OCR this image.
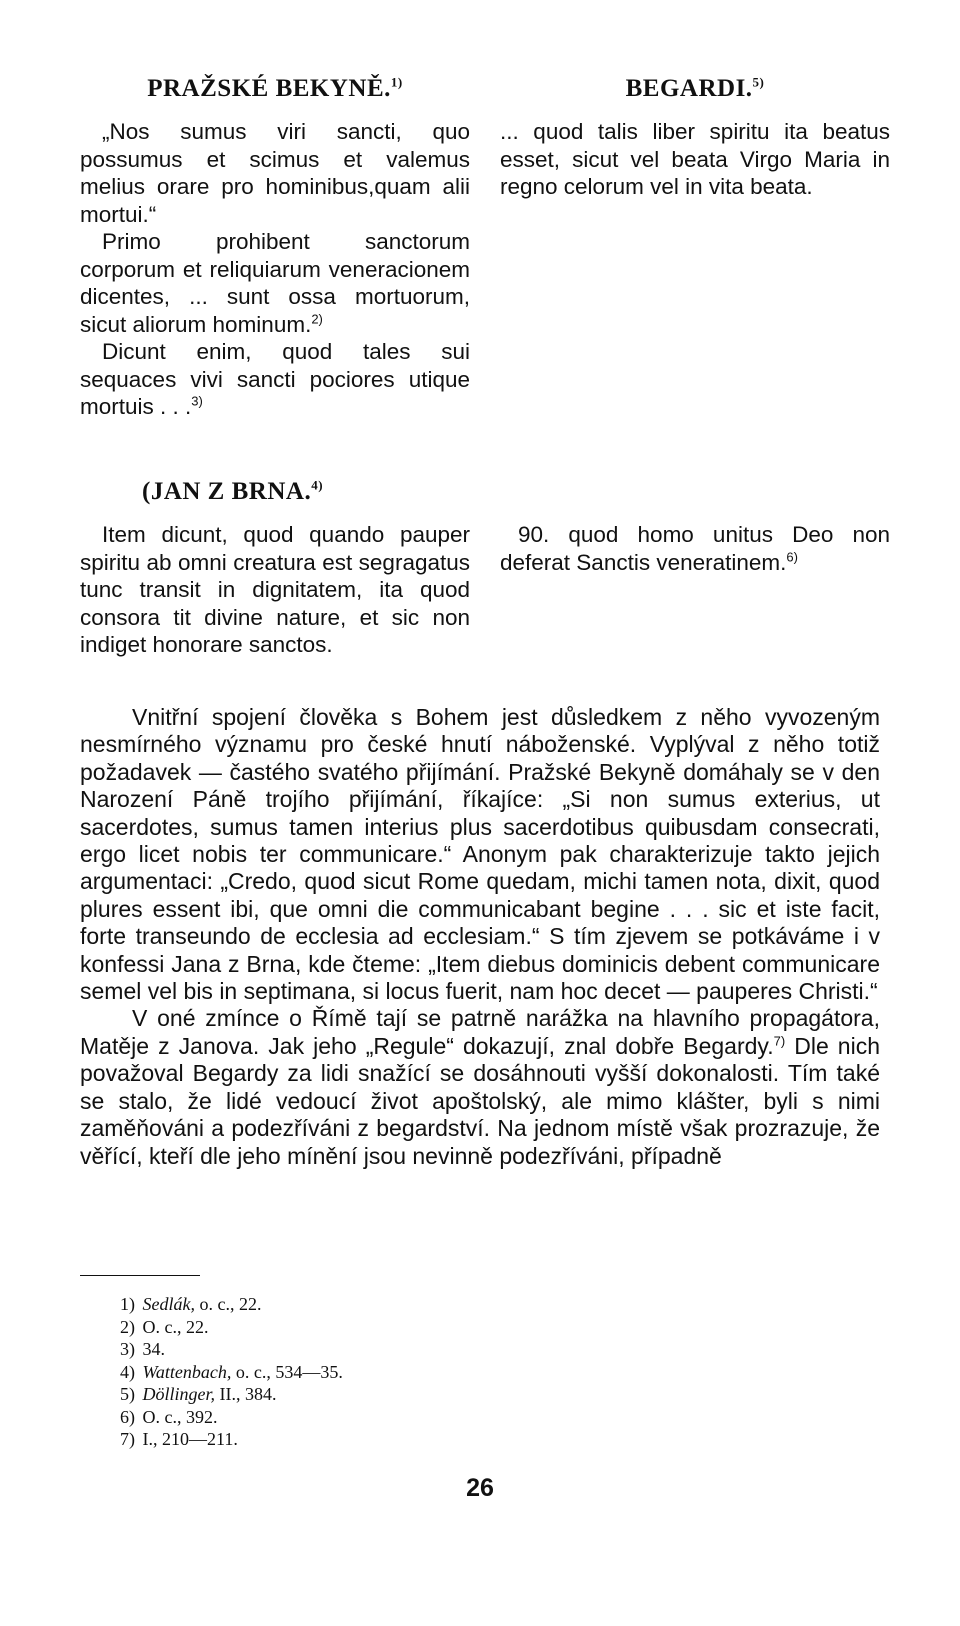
PRAŽSKÉ BEKYNĚ.$^{1)}$

„Nos sumus viri sancti, quo possumus et scimus et valemus melius orare pro hominibus,quam alii mortui.“

Primo prohibent sanctorum corporum et reliquiarum veneracionem dicentes, ... sunt ossa mortuorum, sicut aliorum hominum.$^{2)}$

Dicunt enim, quod tales sui sequaces vivi sancti pociores utique mortuis . . .$^{3)}$

(JAN Z BRNA.$^{4)}$

Item dicunt, quod quando pauper spiritu ab omni creatura est segragatus tunc transit in dignitatem, ita quod consora tit divine nature, et sic non indiget honorare sanctos.

BEGARDI.$^{5)}$

... quod talis liber spiritu ita beatus esset, sicut vel beata Virgo Maria in regno celorum vel in vita beata.

90. quod homo unitus Deo non deferat Sanctis veneratinem.$^{6)}$

Vnitřní spojení člověka s Bohem jest důsledkem z něho vyvozeným nesmírného významu pro české hnutí náboženské. Vyplýval z něho totiž požadavek — častého svatého přijímání. Pražské Bekyně domáhaly se v den Narození Páně trojího přijímání, říkajíce: „Si non sumus exterius, ut sacerdotes, sumus tamen interius plus sacerdotibus quibusdam consecrati, ergo licet nobis ter communicare.“ Anonym pak charakterizuje takto jejich argumentaci: „Credo, quod sicut Rome quedam, michi tamen nota, dixit, quod plures essent ibi, que omni die communicabant begine . . . sic et iste facit, forte transeundo de ecclesia ad ecclesiam.“ S tím zjevem se potkáváme i v konfessi Jana z Brna, kde čteme: „Item diebus dominicis debent communicare semel vel bis in septimana, si locus fuerit, nam hoc decet — pauperes Christi.“

V oné zmínce o Římě tají se patrně narážka na hlavního propagátora, Matěje z Janova. Jak jeho „Regule“ dokazují, znal dobře Begardy.$^{7)}$ Dle nich považoval Begardy za lidi snažící se dosáhnouti vyšší dokonalosti. Tím také se stalo, že lidé vedoucí život apoštolský, ale mimo klášter, byli s nimi zaměňováni a podezříváni z begardství. Na jednom místě však prozrazuje, že věřící, kteří dle jeho mínění jsou nevinně podezříváni, případně

1) Sedlák, o. c., 22.
2) O. c., 22.
3) 34.
4) Wattenbach, o. c., 534—35.
5) Döllinger, II., 384.
6) O. c., 392.
7) I., 210—211.
26
